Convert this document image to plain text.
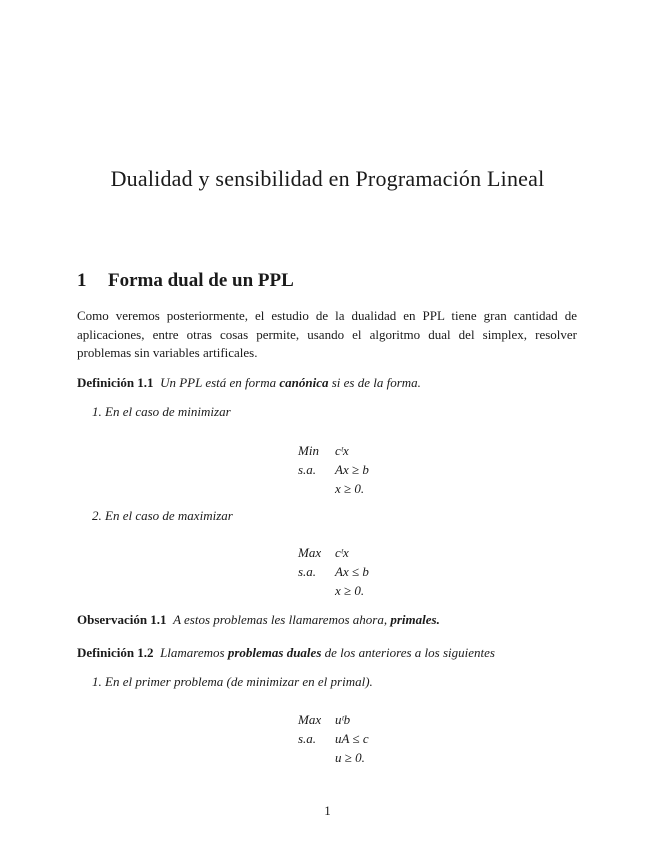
Dualidad y sensibilidad en Programación Lineal
1 Forma dual de un PPL
Como veremos posteriormente, el estudio de la dualidad en PPL tiene gran cantidad de aplicaciones, entre otras cosas permite, usando el algoritmo dual del simplex, resolver problemas sin variables artificales.
Definición 1.1 Un PPL está en forma canónica si es de la forma.
1. En el caso de minimizar
Min cᵗx
s.a. Ax ≥ b
x ≥ 0.
2. En el caso de maximizar
Max cᵗx
s.a. Ax ≤ b
x ≥ 0.
Observación 1.1 A estos problemas les llamaremos ahora, primales.
Definición 1.2 Llamaremos problemas duales de los anteriores a los siguientes
1. En el primer problema (de minimizar en el primal).
Max uᵗb
s.a. uA ≤ c
u ≥ 0.
1
